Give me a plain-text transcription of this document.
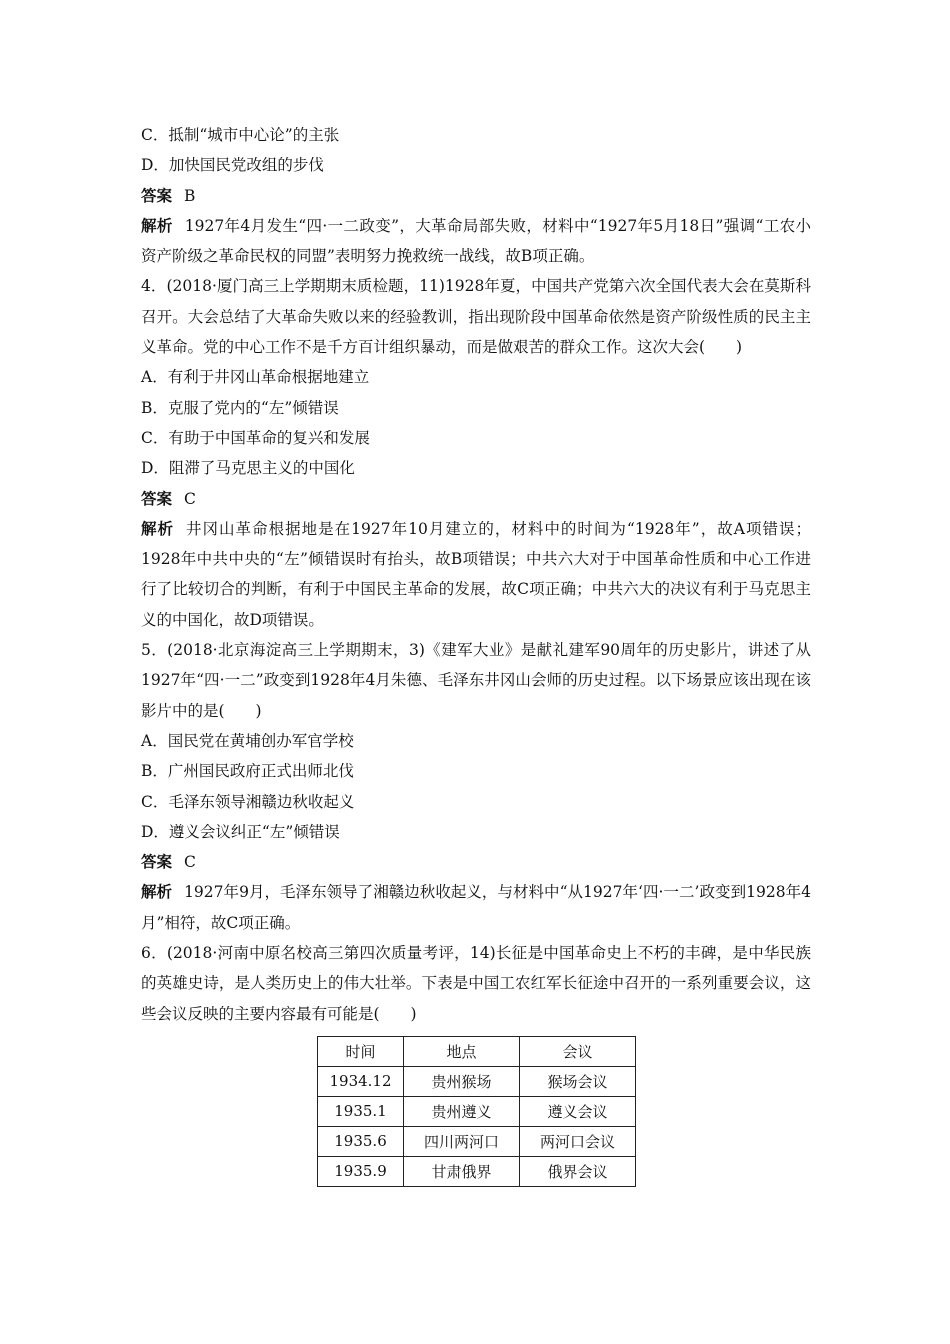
C．抵制“城市中心论”的主张

D．加快国民党改组的步伐

答案 B

解析 1927年4月发生“四·一二政变”，大革命局部失败，材料中“1927年5月18日”强调“工农小资产阶级之革命民权的同盟”表明努力挽救统一战线，故B项正确。

4．(2018·厦门高三上学期期末质检题，11)1928年夏，中国共产党第六次全国代表大会在莫斯科召开。大会总结了大革命失败以来的经验教训，指出现阶段中国革命依然是资产阶级性质的民主主义革命。党的中心工作不是千方百计组织暴动，而是做艰苦的群众工作。这次大会(　　)

A．有利于井冈山革命根据地建立

B．克服了党内的“左”倾错误

C．有助于中国革命的复兴和发展

D．阻滞了马克思主义的中国化

答案 C

解析 井冈山革命根据地是在1927年10月建立的，材料中的时间为“1928年”，故A项错误；1928年中共中央的“左”倾错误时有抬头，故B项错误；中共六大对于中国革命性质和中心工作进行了比较切合的判断，有利于中国民主革命的发展，故C项正确；中共六大的决议有利于马克思主义的中国化，故D项错误。

5．(2018·北京海淀高三上学期期末，3)《建军大业》是献礼建军90周年的历史影片，讲述了从1927年“四·一二”政变到1928年4月朱德、毛泽东井冈山会师的历史过程。以下场景应该出现在该影片中的是(　　)

A．国民党在黄埔创办军官学校

B．广州国民政府正式出师北伐

C．毛泽东领导湘赣边秋收起义

D．遵义会议纠正“左”倾错误

答案 C

解析 1927年9月，毛泽东领导了湘赣边秋收起义，与材料中“从1927年‘四·一二’政变到1928年4月”相符，故C项正确。

6．(2018·河南中原名校高三第四次质量考评，14)长征是中国革命史上不朽的丰碑，是中华民族的英雄史诗，是人类历史上的伟大壮举。下表是中国工农红军长征途中召开的一系列重要会议，这些会议反映的主要内容最有可能是(　　)

时间	地点	会议
1934.12	贵州猴场	猴场会议
1935.1	贵州遵义	遵义会议
1935.6	四川两河口	两河口会议
1935.9	甘肃俄界	俄界会议
